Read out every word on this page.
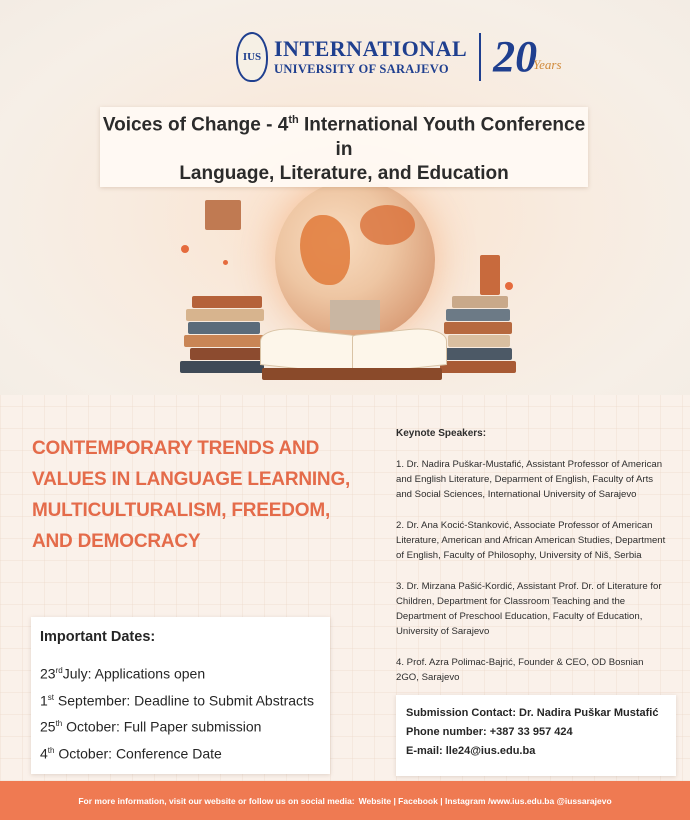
IUS INTERNATIONAL
UNIVERSITY OF SARAJEVO	20
Years
Voices of Change - 4th International Youth Conference in
Language, Literature, and Education
CONTEMPORARY TRENDS AND VALUES IN LANGUAGE LEARNING, MULTICULTURALISM, FREEDOM, AND DEMOCRACY
Keynote Speakers:
1. Dr. Nadira Puškar-Mustafić, Assistant Professor of American and English Literature, Deparment of English, Faculty of Arts and Social Sciences, International University of Sarajevo
2. Dr. Ana Kocić-Stanković, Associate Professor of American Literature, American and African American Studies, Department of English, Faculty of Philosophy, University of Niš, Serbia
3. Dr. Mirzana Pašić-Kordić, Assistant Prof. Dr. of Literature for Children, Department for Classroom Teaching and the Department of Preschool Education, Faculty of Education, University of Sarajevo
4. Prof. Azra Polimac-Bajrić, Founder & CEO, OD Bosnian 2GO, Sarajevo
Important Dates:
23rdJuly: Applications open
1st September: Deadline to Submit Abstracts
25th October: Full Paper submission
4th October: Conference Date
Submission Contact: Dr. Nadira Puškar Mustafić
Phone number: +387 33 957 424
E-mail: lle24@ius.edu.ba
For more information, visit our website or follow us on social media: Website | Facebook | Instagram /www.ius.edu.ba @iussarajevo
